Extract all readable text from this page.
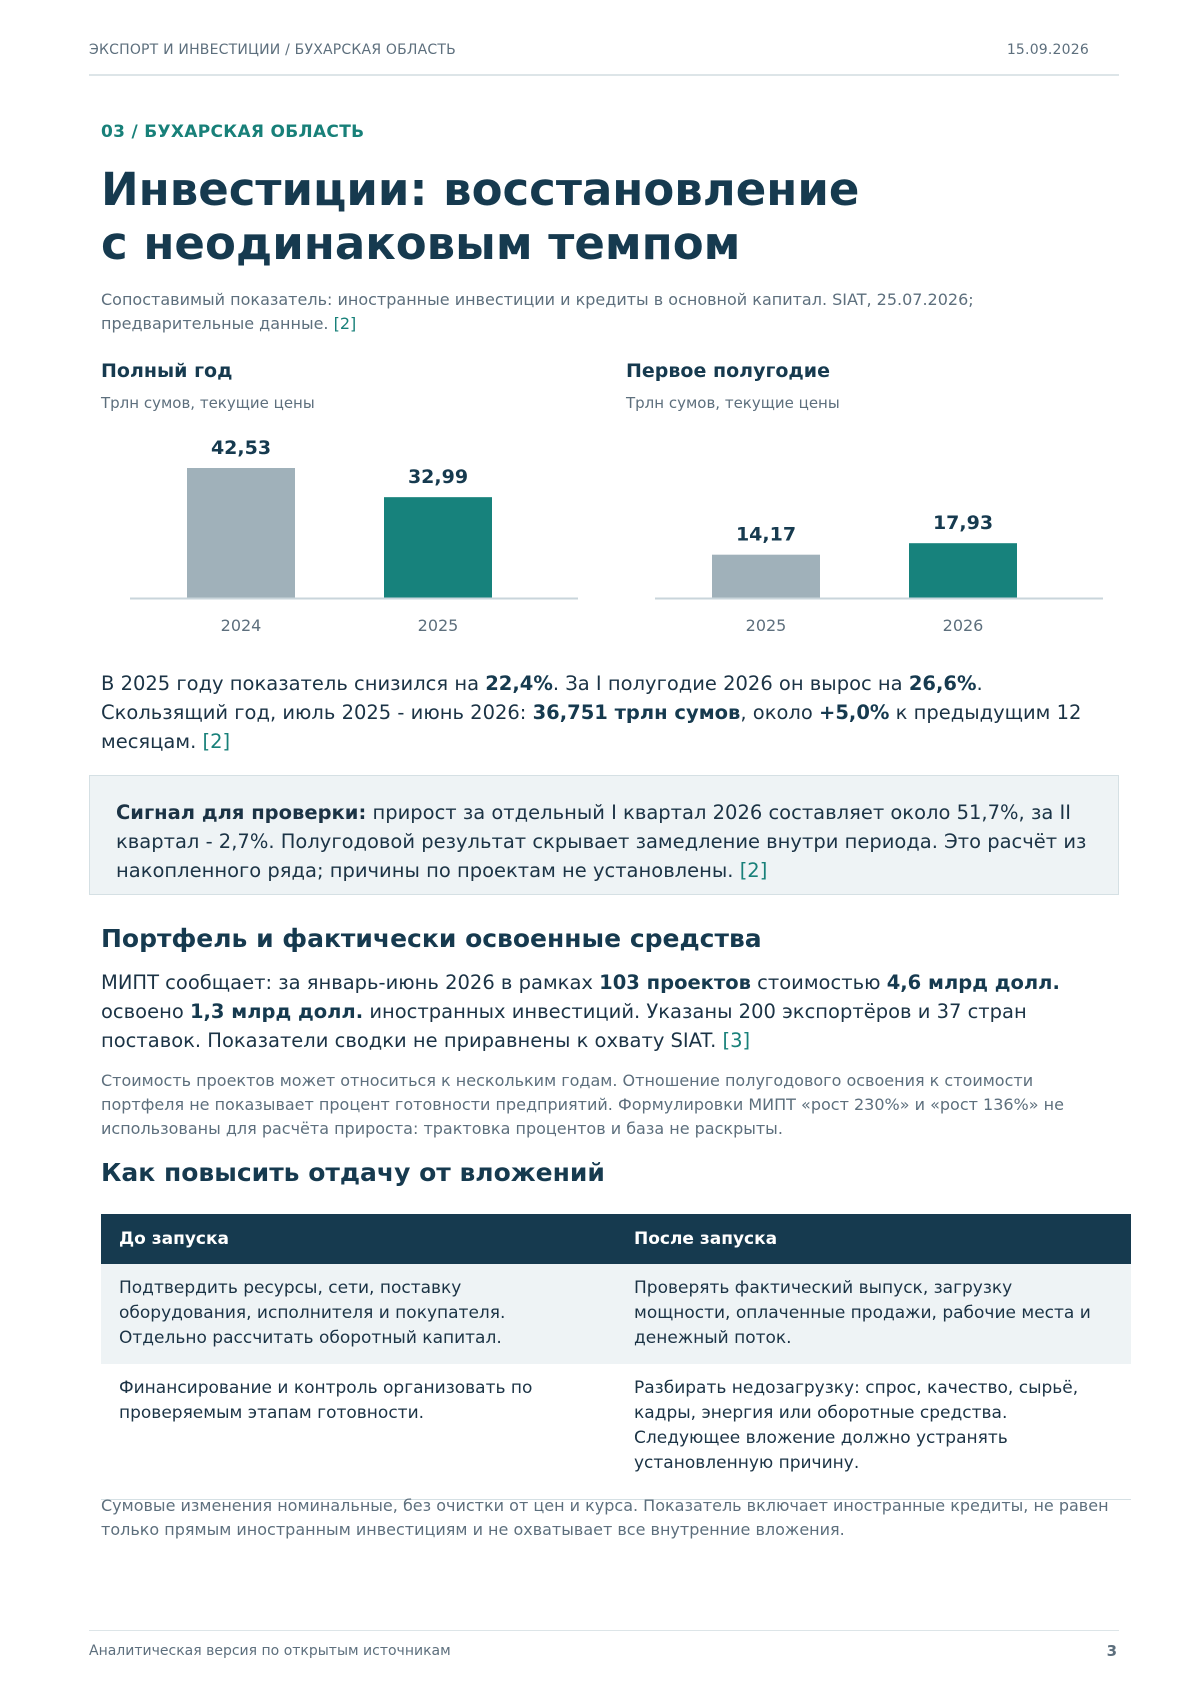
ЭКСПОРТ И ИНВЕСТИЦИИ / БУХАРСКАЯ ОБЛАСТЬ	15.09.2026
03 / БУХАРСКАЯ ОБЛАСТЬ
Инвестиции: восстановление
с неодинаковым темпом
Сопоставимый показатель: иностранные инвестиции и кредиты в основной капитал. SIAT, 25.07.2026; предварительные данные. [2]
Полный год
Трлн сумов, текущие цены
42,53
2024
32,99
2025
Первое полугодие
Трлн сумов, текущие цены
14,17
2025
17,93
2026
В 2025 году показатель снизился на 22,4%. За I полугодие 2026 он вырос на 26,6%. Скользящий год, июль 2025 - июнь 2026: 36,751 трлн сумов, около +5,0% к предыдущим 12 месяцам. [2]
Сигнал для проверки: прирост за отдельный I квартал 2026 составляет около 51,7%, за II квартал - 2,7%. Полугодовой результат скрывает замедление внутри периода. Это расчёт из накопленного ряда; причины по проектам не установлены. [2]
Портфель и фактически освоенные средства
МИПТ сообщает: за январь-июнь 2026 в рамках 103 проектов стоимостью 4,6 млрд долл. освоено 1,3 млрд долл. иностранных инвестиций. Указаны 200 экспортёров и 37 стран поставок. Показатели сводки не приравнены к охвату SIAT. [3]
Стоимость проектов может относиться к нескольким годам. Отношение полугодового освоения к стоимости портфеля не показывает процент готовности предприятий. Формулировки МИПТ «рост 230%» и «рост 136%» не использованы для расчёта прироста: трактовка процентов и база не раскрыты.
Как повысить отдачу от вложений
До запуска	После запуска
Подтвердить ресурсы, сети, поставку оборудования, исполнителя и покупателя. Отдельно рассчитать оборотный капитал.	Проверять фактический выпуск, загрузку мощности, оплаченные продажи, рабочие места и денежный поток.
Финансирование и контроль организовать по проверяемым этапам готовности.	Разбирать недозагрузку: спрос, качество, сырьё, кадры, энергия или оборотные средства. Следующее вложение должно устранять установленную причину.
Сумовые изменения номинальные, без очистки от цен и курса. Показатель включает иностранные кредиты, не равен только прямым иностранным инвестициям и не охватывает все внутренние вложения.
Аналитическая версия по открытым источникам	3
